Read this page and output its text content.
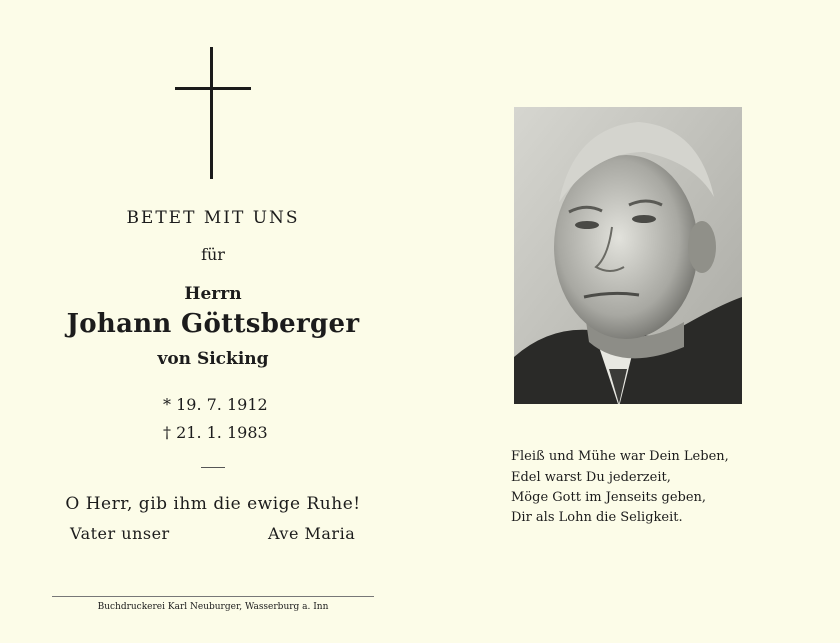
BETET MIT UNS
für
Herrn
Johann Göttsberger
von Sicking
* 19. 7. 1912
† 21. 1. 1983
O Herr, gib ihm die ewige Ruhe!
Vater unser	Ave Maria
Buchdruckerei Karl Neuburger, Wasserburg a. Inn
Fleiß und Mühe war Dein Leben,
Edel warst Du jederzeit,
Möge Gott im Jenseits geben,
Dir als Lohn die Seligkeit.
